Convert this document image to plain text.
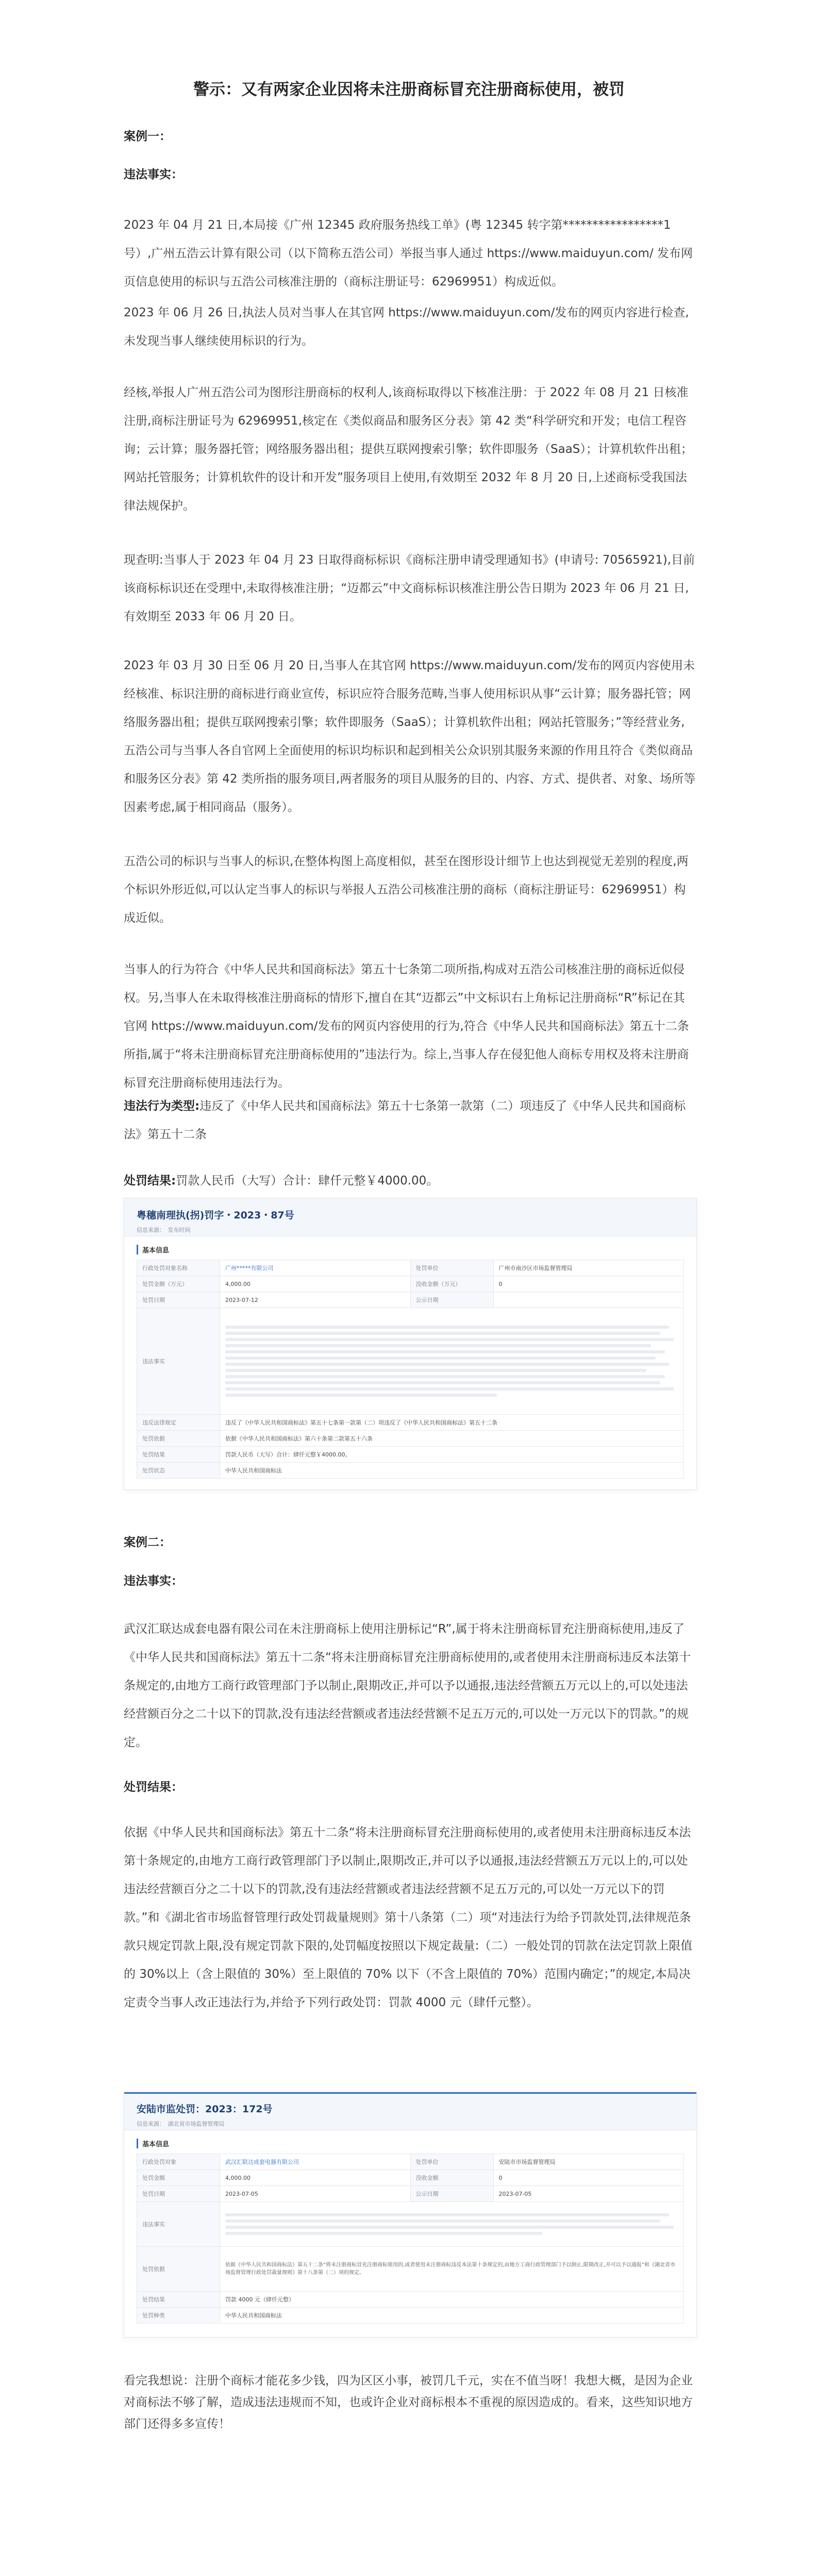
警示：又有两家企业因将未注册商标冒充注册商标使用，被罚
案例一：
违法事实：

2023 年 04 月 21 日,本局接《广州 12345 政府服务热线工单》(粤 12345 转字第*****************1 号）,广州五浩云计算有限公司（以下简称五浩公司）举报当事人通过 https://www.maiduyun.com/ 发布网页信息使用的标识与五浩公司核准注册的（商标注册证号：62969951）构成近似。

2023 年 06 月 26 日,执法人员对当事人在其官网 https://www.maiduyun.com/发布的网页内容进行检查,未发现当事人继续使用标识的行为。

经核,举报人广州五浩公司为图形注册商标的权利人,该商标取得以下核准注册：于 2022 年 08 月 21 日核准注册,商标注册证号为 62969951,核定在《类似商品和服务区分表》第 42 类“科学研究和开发；电信工程咨询；云计算；服务器托管；网络服务器出租；提供互联网搜索引擎；软件即服务（SaaS）；计算机软件出租；网站托管服务；计算机软件的设计和开发”服务项目上使用,有效期至 2032 年 8 月 20 日,上述商标受我国法律法规保护。

现查明:当事人于 2023 年 04 月 23 日取得商标标识《商标注册申请受理通知书》(申请号: 70565921),目前该商标标识还在受理中,未取得核准注册；“迈都云”中文商标标识核准注册公告日期为 2023 年 06 月 21 日,有效期至 2033 年 06 月 20 日。

2023 年 03 月 30 日至 06 月 20 日,当事人在其官网 https://www.maiduyun.com/发布的网页内容使用未经核准、标识注册的商标进行商业宣传，标识应符合服务范畴,当事人使用标识从事“云计算；服务器托管；网络服务器出租；提供互联网搜索引擎；软件即服务（SaaS）；计算机软件出租；网站托管服务；”等经营业务,五浩公司与当事人各自官网上全面使用的标识均标识和起到相关公众识别其服务来源的作用且符合《类似商品和服务区分表》第 42 类所指的服务项目,两者服务的项目从服务的目的、内容、方式、提供者、对象、场所等因素考虑,属于相同商品（服务）。

五浩公司的标识与当事人的标识,在整体构图上高度相似，甚至在图形设计细节上也达到视觉无差别的程度,两个标识外形近似,可以认定当事人的标识与举报人五浩公司核准注册的商标（商标注册证号：62969951）构成近似。

当事人的行为符合《中华人民共和国商标法》第五十七条第二项所指,构成对五浩公司核准注册的商标近似侵权。另,当事人在未取得核准注册商标的情形下,擅自在其“迈都云”中文标识右上角标记注册商标“R”标记在其官网 https://www.maiduyun.com/发布的网页内容使用的行为,符合《中华人民共和国商标法》第五十二条所指,属于“将未注册商标冒充注册商标使用的”违法行为。综上,当事人存在侵犯他人商标专用权及将未注册商标冒充注册商标使用违法行为。

违法行为类型:违反了《中华人民共和国商标法》第五十七条第一款第（二）项违反了《中华人民共和国商标法》第五十二条

处罚结果:罚款人民币（大写）合计：肆仟元整￥4000.00。

粤穗南理执(拐)罚字・2023・87号
信息来源：　发布时间
基本信息
行政处罚对象名称	广州*****有限公司	处罚单位	广州市南沙区市场监督管理局
处罚金额（万元）	4,000.00	没收金额（万元）	0
处罚日期	2023-07-12	公示日期	
违法事实			

违反法律规定	违反了《中华人民共和国商标法》第五十七条第一款第（二）项违反了《中华人民共和国商标法》第五十二条		
处罚依据	依据《中华人民共和国商标法》第六十条第二款第五十六条		
处罚结果	罚款人民币（大写）合计：肆仟元整￥4000.00。		
处罚状态	中华人民共和国商标法		
案例二：
违法事实：

武汉汇联达成套电器有限公司在未注册商标上使用注册标记“R”,属于将未注册商标冒充注册商标使用,违反了《中华人民共和国商标法》第五十二条“将未注册商标冒充注册商标使用的,或者使用未注册商标违反本法第十条规定的,由地方工商行政管理部门予以制止,限期改正,并可以予以通报,违法经营额五万元以上的,可以处违法经营额百分之二十以下的罚款,没有违法经营额或者违法经营额不足五万元的,可以处一万元以下的罚款。”的规定。

处罚结果：

依据《中华人民共和国商标法》第五十二条“将未注册商标冒充注册商标使用的,或者使用未注册商标违反本法第十条规定的,由地方工商行政管理部门予以制止,限期改正,并可以予以通报,违法经营额五万元以上的,可以处违法经营额百分之二十以下的罚款,没有违法经营额或者违法经营额不足五万元的,可以处一万元以下的罚款。”和《湖北省市场监督管理行政处罚裁量规则》第十八条第（二）项“对违法行为给予罚款处罚,法律规范条款只规定罚款上限,没有规定罚款下限的,处罚幅度按照以下规定裁量:（二）一般处罚的罚款在法定罚款上限值的 30%以上（含上限值的 30%）至上限值的 70% 以下（不含上限值的 70%）范围内确定；”的规定,本局决定责令当事人改正违法行为,并给予下列行政处罚：罚款 4000 元（肆仟元整）。

安陆市监处罚：2023：172号
信息来源：　湖北省市场监督管理局
基本信息
行政处罚对象	武汉汇联达成套电器有限公司	处罚单位	安陆市市场监督管理局
处罚金额	4,000.00	没收金额	0
处罚日期	2023-07-05	公示日期	2023-07-05
违法事实			

处罚依据	依据《中华人民共和国商标法》第五十二条“将未注册商标冒充注册商标使用的,或者使用未注册商标违反本法第十条规定的,由地方工商行政管理部门予以制止,限期改正,并可以予以通报”和《湖北省市场监督管理行政处罚裁量规则》第十八条第（二）项的规定。		
处罚结果	罚款 4000 元（肆仟元整）		
处罚种类	中华人民共和国商标法		

看完我想说：注册个商标才能花多少钱，四为区区小事，被罚几千元，实在不值当呀！我想大概，是因为企业对商标法不够了解，造成违法违规而不知，也或许企业对商标根本不重视的原因造成的。看来，这些知识地方部门还得多多宣传！
